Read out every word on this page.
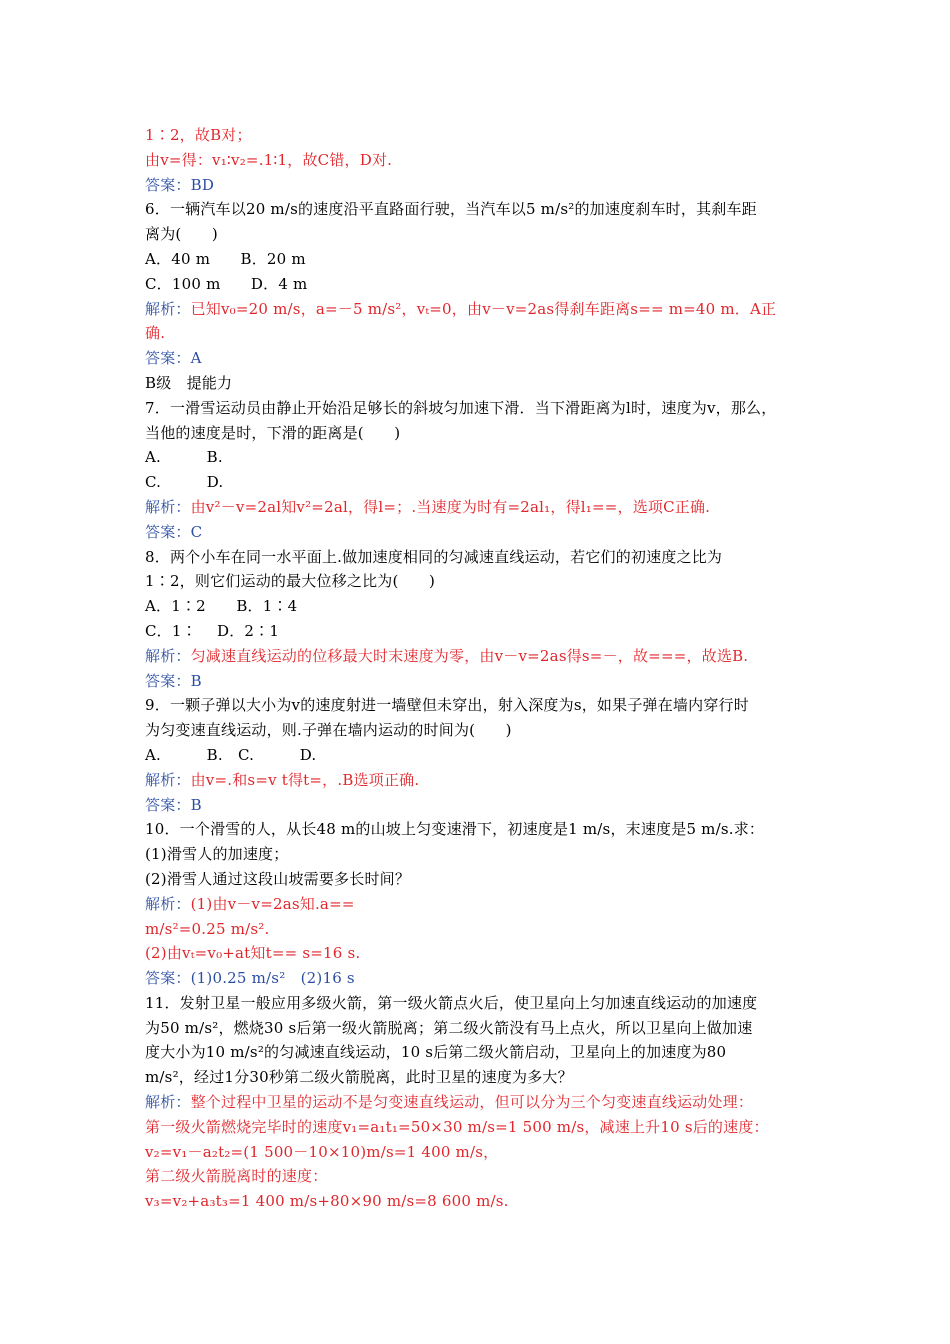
1∶2，故B对；
由v=得：v₁∶v₂=.1∶1，故C错，D对.
答案：BD
6．一辆汽车以20 m/s的速度沿平直路面行驶，当汽车以5 m/s²的加速度刹车时，其刹车距
离为(　　)
A．40 m　　B．20 m
C．100 m　　D．4 m
解析：已知v₀=20 m/s，a=－5 m/s²，vₜ=0，由v－v=2as得刹车距离s== m=40 m．A正
确.
答案：A
B级　提能力
7．一滑雪运动员由静止开始沿足够长的斜坡匀加速下滑．当下滑距离为l时，速度为v，那么，
当他的速度是时，下滑的距离是(　　)
A.　　　B.
C.　　　D.
解析：由v²－v=2al知v²=2al，得l=；.当速度为时有=2al₁，得l₁==，选项C正确.
答案：C
8．两个小车在同一水平面上.做加速度相同的匀减速直线运动，若它们的初速度之比为
1∶2，则它们运动的最大位移之比为(　　)
A．1∶2　　B．1∶4
C．1∶　 D．2∶1
解析：匀减速直线运动的位移最大时末速度为零，由v－v=2as得s=－，故===，故选B.
答案：B
9．一颗子弹以大小为v的速度射进一墙壁但未穿出，射入深度为s，如果子弹在墙内穿行时
为匀变速直线运动，则.子弹在墙内运动的时间为(　　)
A.　　　B.　C.　　　D.
解析：由v=.和s=v t得t=，.B选项正确.
答案：B
10．一个滑雪的人，从长48 m的山坡上匀变速滑下，初速度是1 m/s，末速度是5 m/s.求：
(1)滑雪人的加速度；
(2)滑雪人通过这段山坡需要多长时间？
解析：(1)由v－v=2as知.a==
m/s²=0.25 m/s².
(2)由vₜ=v₀+at知t== s=16 s.
答案：(1)0.25 m/s²　(2)16 s
11．发射卫星一般应用多级火箭，第一级火箭点火后，使卫星向上匀加速直线运动的加速度
为50 m/s²，燃烧30 s后第一级火箭脱离；第二级火箭没有马上点火，所以卫星向上做加速
度大小为10 m/s²的匀减速直线运动，10 s后第二级火箭启动，卫星向上的加速度为80
m/s²，经过1分30秒第二级火箭脱离，此时卫星的速度为多大？
解析：整个过程中卫星的运动不是匀变速直线运动，但可以分为三个匀变速直线运动处理：
第一级火箭燃烧完毕时的速度v₁=a₁t₁=50×30 m/s=1 500 m/s，减速上升10 s后的速度：
v₂=v₁－a₂t₂=(1 500－10×10)m/s=1 400 m/s，
第二级火箭脱离时的速度：
v₃=v₂+a₃t₃=1 400 m/s+80×90 m/s=8 600 m/s.
